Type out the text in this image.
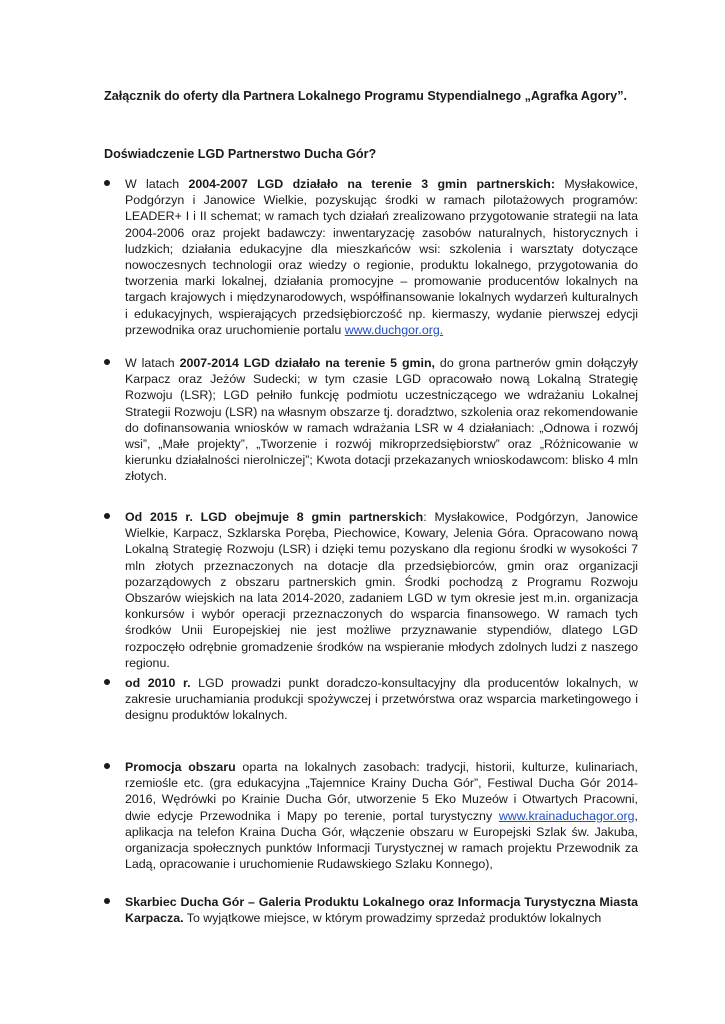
Załącznik do oferty dla Partnera Lokalnego Programu Stypendialnego „Agrafka Agory”.
Doświadczenie LGD Partnerstwo Ducha Gór?
W latach 2004-2007 LGD działało na terenie 3 gmin partnerskich: Mysłakowice, Podgórzyn i Janowice Wielkie, pozyskując środki w ramach pilotażowych programów: LEADER+ I i II schemat; w ramach tych działań zrealizowano przygotowanie strategii na lata 2004-2006 oraz projekt badawczy: inwentaryzację zasobów naturalnych, historycznych i ludzkich; działania edukacyjne dla mieszkańców wsi: szkolenia i warsztaty dotyczące nowoczesnych technologii oraz wiedzy o regionie, produktu lokalnego, przygotowania do tworzenia marki lokalnej, działania promocyjne – promowanie producentów lokalnych na targach krajowych i międzynarodowych, współfinansowanie lokalnych wydarzeń kulturalnych i edukacyjnych, wspierających przedsiębiorczość np. kiermaszy, wydanie pierwszej edycji przewodnika oraz uruchomienie portalu www.duchgor.org.
W latach 2007-2014 LGD działało na terenie 5 gmin, do grona partnerów gmin dołączyły Karpacz oraz Jeżów Sudecki; w tym czasie LGD opracowało nową Lokalną Strategię Rozwoju (LSR); LGD pełniło funkcję podmiotu uczestniczącego we wdrażaniu Lokalnej Strategii Rozwoju (LSR) na własnym obszarze tj. doradztwo, szkolenia oraz rekomendowanie do dofinansowania wniosków w ramach wdrażania LSR w 4 działaniach: „Odnowa i rozwój wsi”, „Małe projekty”, „Tworzenie i rozwój mikroprzedsiębiorstw” oraz „Różnicowanie w kierunku działalności nierolniczej”; Kwota dotacji przekazanych wnioskodawcom: blisko 4 mln złotych.
Od 2015 r. LGD obejmuje 8 gmin partnerskich: Mysłakowice, Podgórzyn, Janowice Wielkie, Karpacz, Szklarska Poręba, Piechowice, Kowary, Jelenia Góra. Opracowano nową Lokalną Strategię Rozwoju (LSR) i dzięki temu pozyskano dla regionu środki w wysokości 7 mln złotych przeznaczonych na dotacje dla przedsiębiorców, gmin oraz organizacji pozarządowych z obszaru partnerskich gmin. Środki pochodzą z Programu Rozwoju Obszarów wiejskich na lata 2014-2020, zadaniem LGD w tym okresie jest m.in. organizacja konkursów i wybór operacji przeznaczonych do wsparcia finansowego. W ramach tych środków Unii Europejskiej nie jest możliwe przyznawanie stypendiów, dlatego LGD rozpoczęło odrębnie gromadzenie środków na wspieranie młodych zdolnych ludzi z naszego regionu.
od 2010 r. LGD prowadzi punkt doradczo-konsultacyjny dla producentów lokalnych, w zakresie uruchamiania produkcji spożywczej i przetwórstwa oraz wsparcia marketingowego i designu produktów lokalnych.
Promocja obszaru oparta na lokalnych zasobach: tradycji, historii, kulturze, kulinariach, rzemiośle etc. (gra edukacyjna „Tajemnice Krainy Ducha Gór”, Festiwal Ducha Gór 2014-2016, Wędrówki po Krainie Ducha Gór, utworzenie 5 Eko Muzeów i Otwartych Pracowni, dwie edycje Przewodnika i Mapy po terenie, portal turystyczny www.krainaduchagor.org, aplikacja na telefon Kraina Ducha Gór, włączenie obszaru w Europejski Szlak św. Jakuba, organizacja społecznych punktów Informacji Turystycznej w ramach projektu Przewodnik za Ladą, opracowanie i uruchomienie Rudawskiego Szlaku Konnego),
Skarbiec Ducha Gór – Galeria Produktu Lokalnego oraz Informacja Turystyczna Miasta Karpacza. To wyjątkowe miejsce, w którym prowadzimy sprzedaż produktów lokalnych
